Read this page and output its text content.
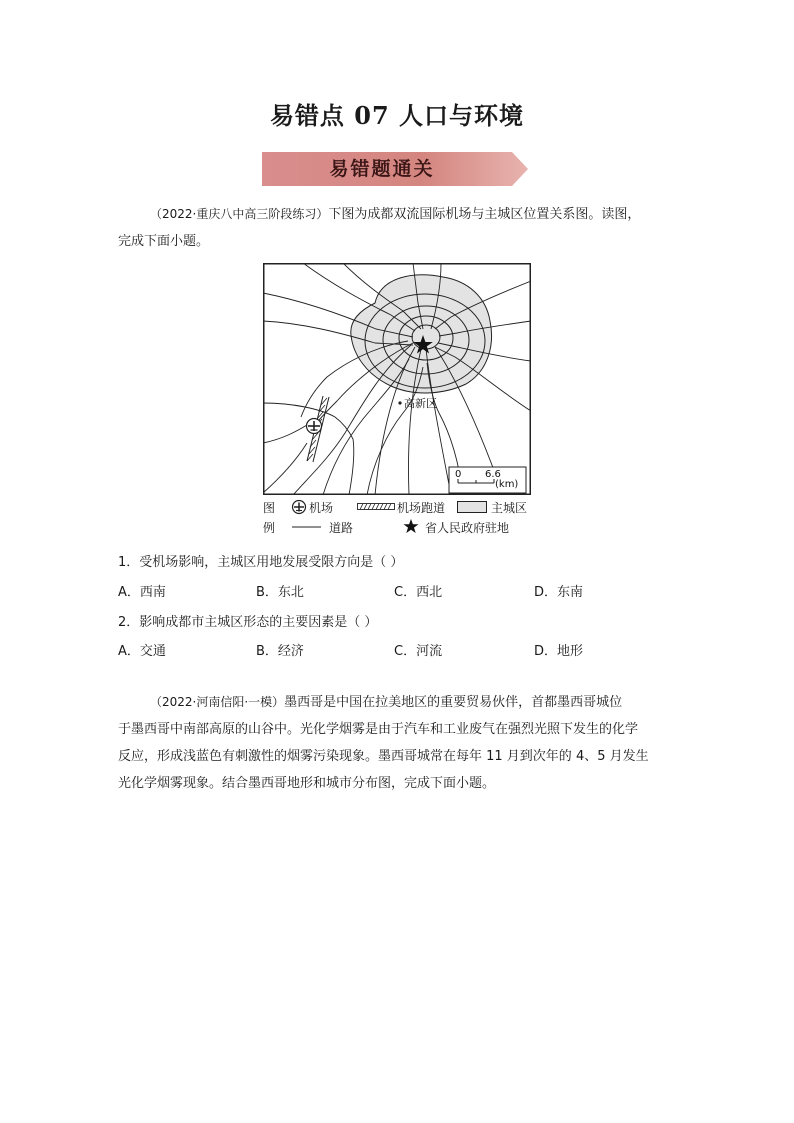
易错点 07 人口与环境
易错题通关
（2022·重庆八中高三阶段练习）下图为成都双流国际机场与主城区位置关系图。读图，
完成下面小题。
高新区
0 6.6
(km)
图
例
机场	机场跑道	主城区
道路	省人民政府驻地
1．受机场影响，主城区用地发展受限方向是（ ）
A．西南	B．东北	C．西北	D．东南
2．影响成都市主城区形态的主要因素是（ ）
A．交通	B．经济	C．河流	D．地形
（2022·河南信阳·一模）墨西哥是中国在拉美地区的重要贸易伙伴，首都墨西哥城位
于墨西哥中南部高原的山谷中。光化学烟雾是由于汽车和工业废气在强烈光照下发生的化学
反应，形成浅蓝色有刺激性的烟雾污染现象。墨西哥城常在每年 11 月到次年的 4、5 月发生
光化学烟雾现象。结合墨西哥地形和城市分布图，完成下面小题。
